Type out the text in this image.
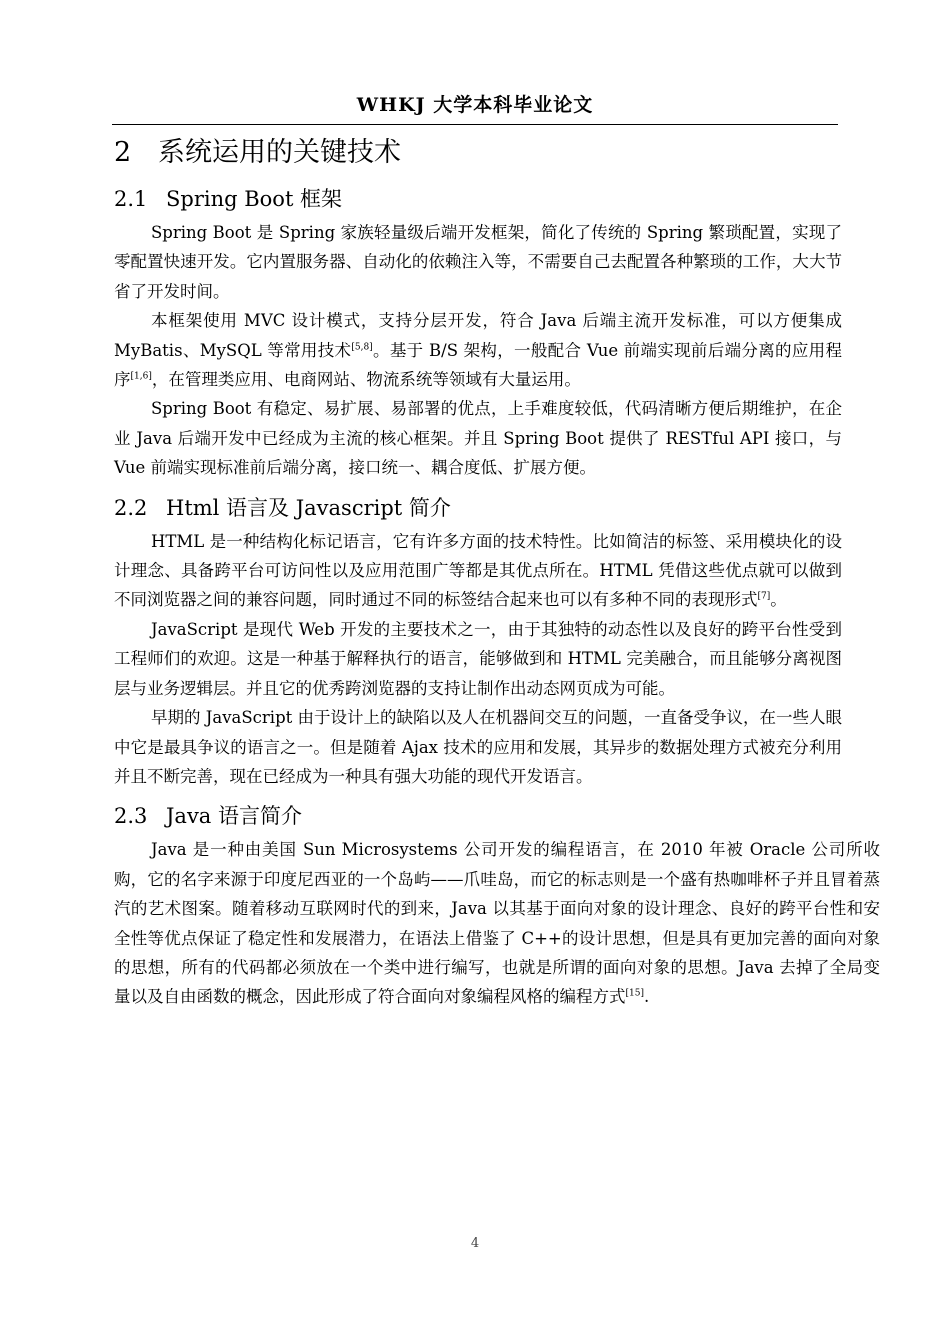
WHKJ 大学本科毕业论文
2 系统运用的关键技术
2.1 Spring Boot 框架

Spring Boot 是 Spring 家族轻量级后端开发框架，简化了传统的 Spring 繁琐配置，实现了零配置快速开发。它内置服务器、自动化的依赖注入等，不需要自己去配置各种繁琐的工作，大大节省了开发时间。

本框架使用 MVC 设计模式，支持分层开发，符合 Java 后端主流开发标准，可以方便集成 MyBatis、MySQL 等常用技术[5,8]。基于 B/S 架构，一般配合 Vue 前端实现前后端分离的应用程序[1,6]，在管理类应用、电商网站、物流系统等领域有大量运用。

Spring Boot 有稳定、易扩展、易部署的优点，上手难度较低，代码清晰方便后期维护，在企业 Java 后端开发中已经成为主流的核心框架。并且 Spring Boot 提供了 RESTful API 接口，与 Vue 前端实现标准前后端分离，接口统一、耦合度低、扩展方便。

2.2 Html 语言及 Javascript 简介

HTML 是一种结构化标记语言，它有许多方面的技术特性。比如简洁的标签、采用模块化的设计理念、具备跨平台可访问性以及应用范围广等都是其优点所在。HTML 凭借这些优点就可以做到不同浏览器之间的兼容问题，同时通过不同的标签结合起来也可以有多种不同的表现形式[7]。

JavaScript 是现代 Web 开发的主要技术之一，由于其独特的动态性以及良好的跨平台性受到工程师们的欢迎。这是一种基于解释执行的语言，能够做到和 HTML 完美融合，而且能够分离视图层与业务逻辑层。并且它的优秀跨浏览器的支持让制作出动态网页成为可能。

早期的 JavaScript 由于设计上的缺陷以及人在机器间交互的问题，一直备受争议，在一些人眼中它是最具争议的语言之一。但是随着 Ajax 技术的应用和发展，其异步的数据处理方式被充分利用并且不断完善，现在已经成为一种具有强大功能的现代开发语言。

2.3 Java 语言简介

Java 是一种由美国 Sun Microsystems 公司开发的编程语言，在 2010 年被 Oracle 公司所收购，它的名字来源于印度尼西亚的一个岛屿——爪哇岛，而它的标志则是一个盛有热咖啡杯子并且冒着蒸汽的艺术图案。随着移动互联网时代的到来，Java 以其基于面向对象的设计理念、良好的跨平台性和安全性等优点保证了稳定性和发展潜力，在语法上借鉴了 C++的设计思想，但是具有更加完善的面向对象的思想，所有的代码都必须放在一个类中进行编写，也就是所谓的面向对象的思想。Java 去掉了全局变量以及自由函数的概念，因此形成了符合面向对象编程风格的编程方式[15].

4
